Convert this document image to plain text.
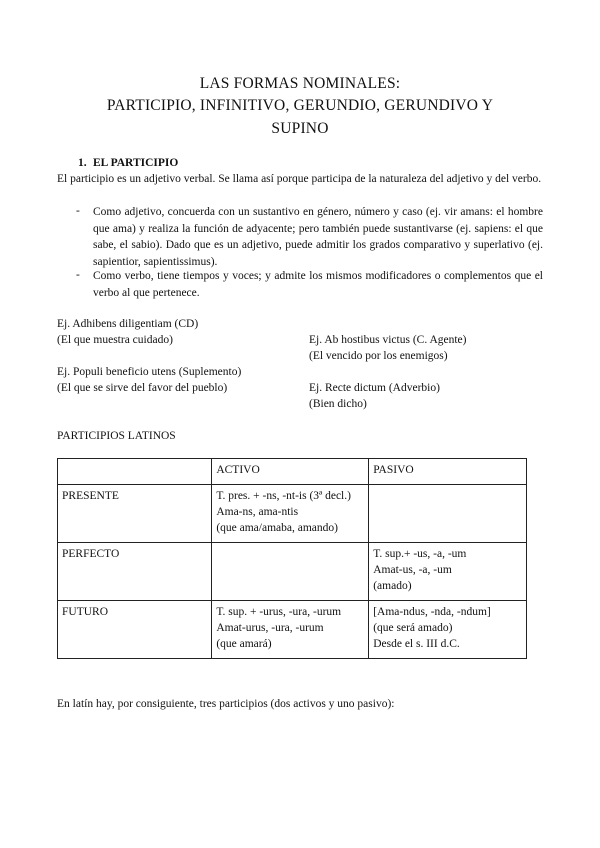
LAS FORMAS NOMINALES:
PARTICIPIO, INFINITIVO, GERUNDIO, GERUNDIVO Y
SUPINO
1. EL PARTICIPIO
El participio es un adjetivo verbal. Se llama así porque participa de la naturaleza del adjetivo y del verbo.
- Como adjetivo, concuerda con un sustantivo en género, número y caso (ej. vir amans: el hombre que ama) y realiza la función de adyacente; pero también puede sustantivarse (ej. sapiens: el que sabe, el sabio). Dado que es un adjetivo, puede admitir los grados comparativo y superlativo (ej. sapientior, sapientissimus).
- Como verbo, tiene tiempos y voces; y admite los mismos modificadores o complementos que el verbo al que pertenece.
Ej. Adhibens diligentiam (CD)
(El que muestra cuidado)
Ej. Populi beneficio utens (Suplemento)
(El que se sirve del favor del pueblo)
Ej. Ab hostibus victus (C. Agente)
(El vencido por los enemigos)
Ej. Recte dictum (Adverbio)
(Bien dicho)
PARTICIPIOS LATINOS
	ACTIVO	PASIVO
PRESENTE	T. pres. + -ns, -nt-is (3ª decl.)
Ama-ns, ama-ntis
(que ama/amaba, amando)	

PERFECTO		T. sup.+ -us, -a, -um
Amat-us, -a, -um
(amado)

FUTURO	T. sup. + -urus, -ura, -urum
Amat-urus, -ura, -urum
(que amará)	[Ama-ndus, -nda, -ndum]
(que será amado)
Desde el s. III d.C.
En latín hay, por consiguiente, tres participios (dos activos y uno pasivo):
